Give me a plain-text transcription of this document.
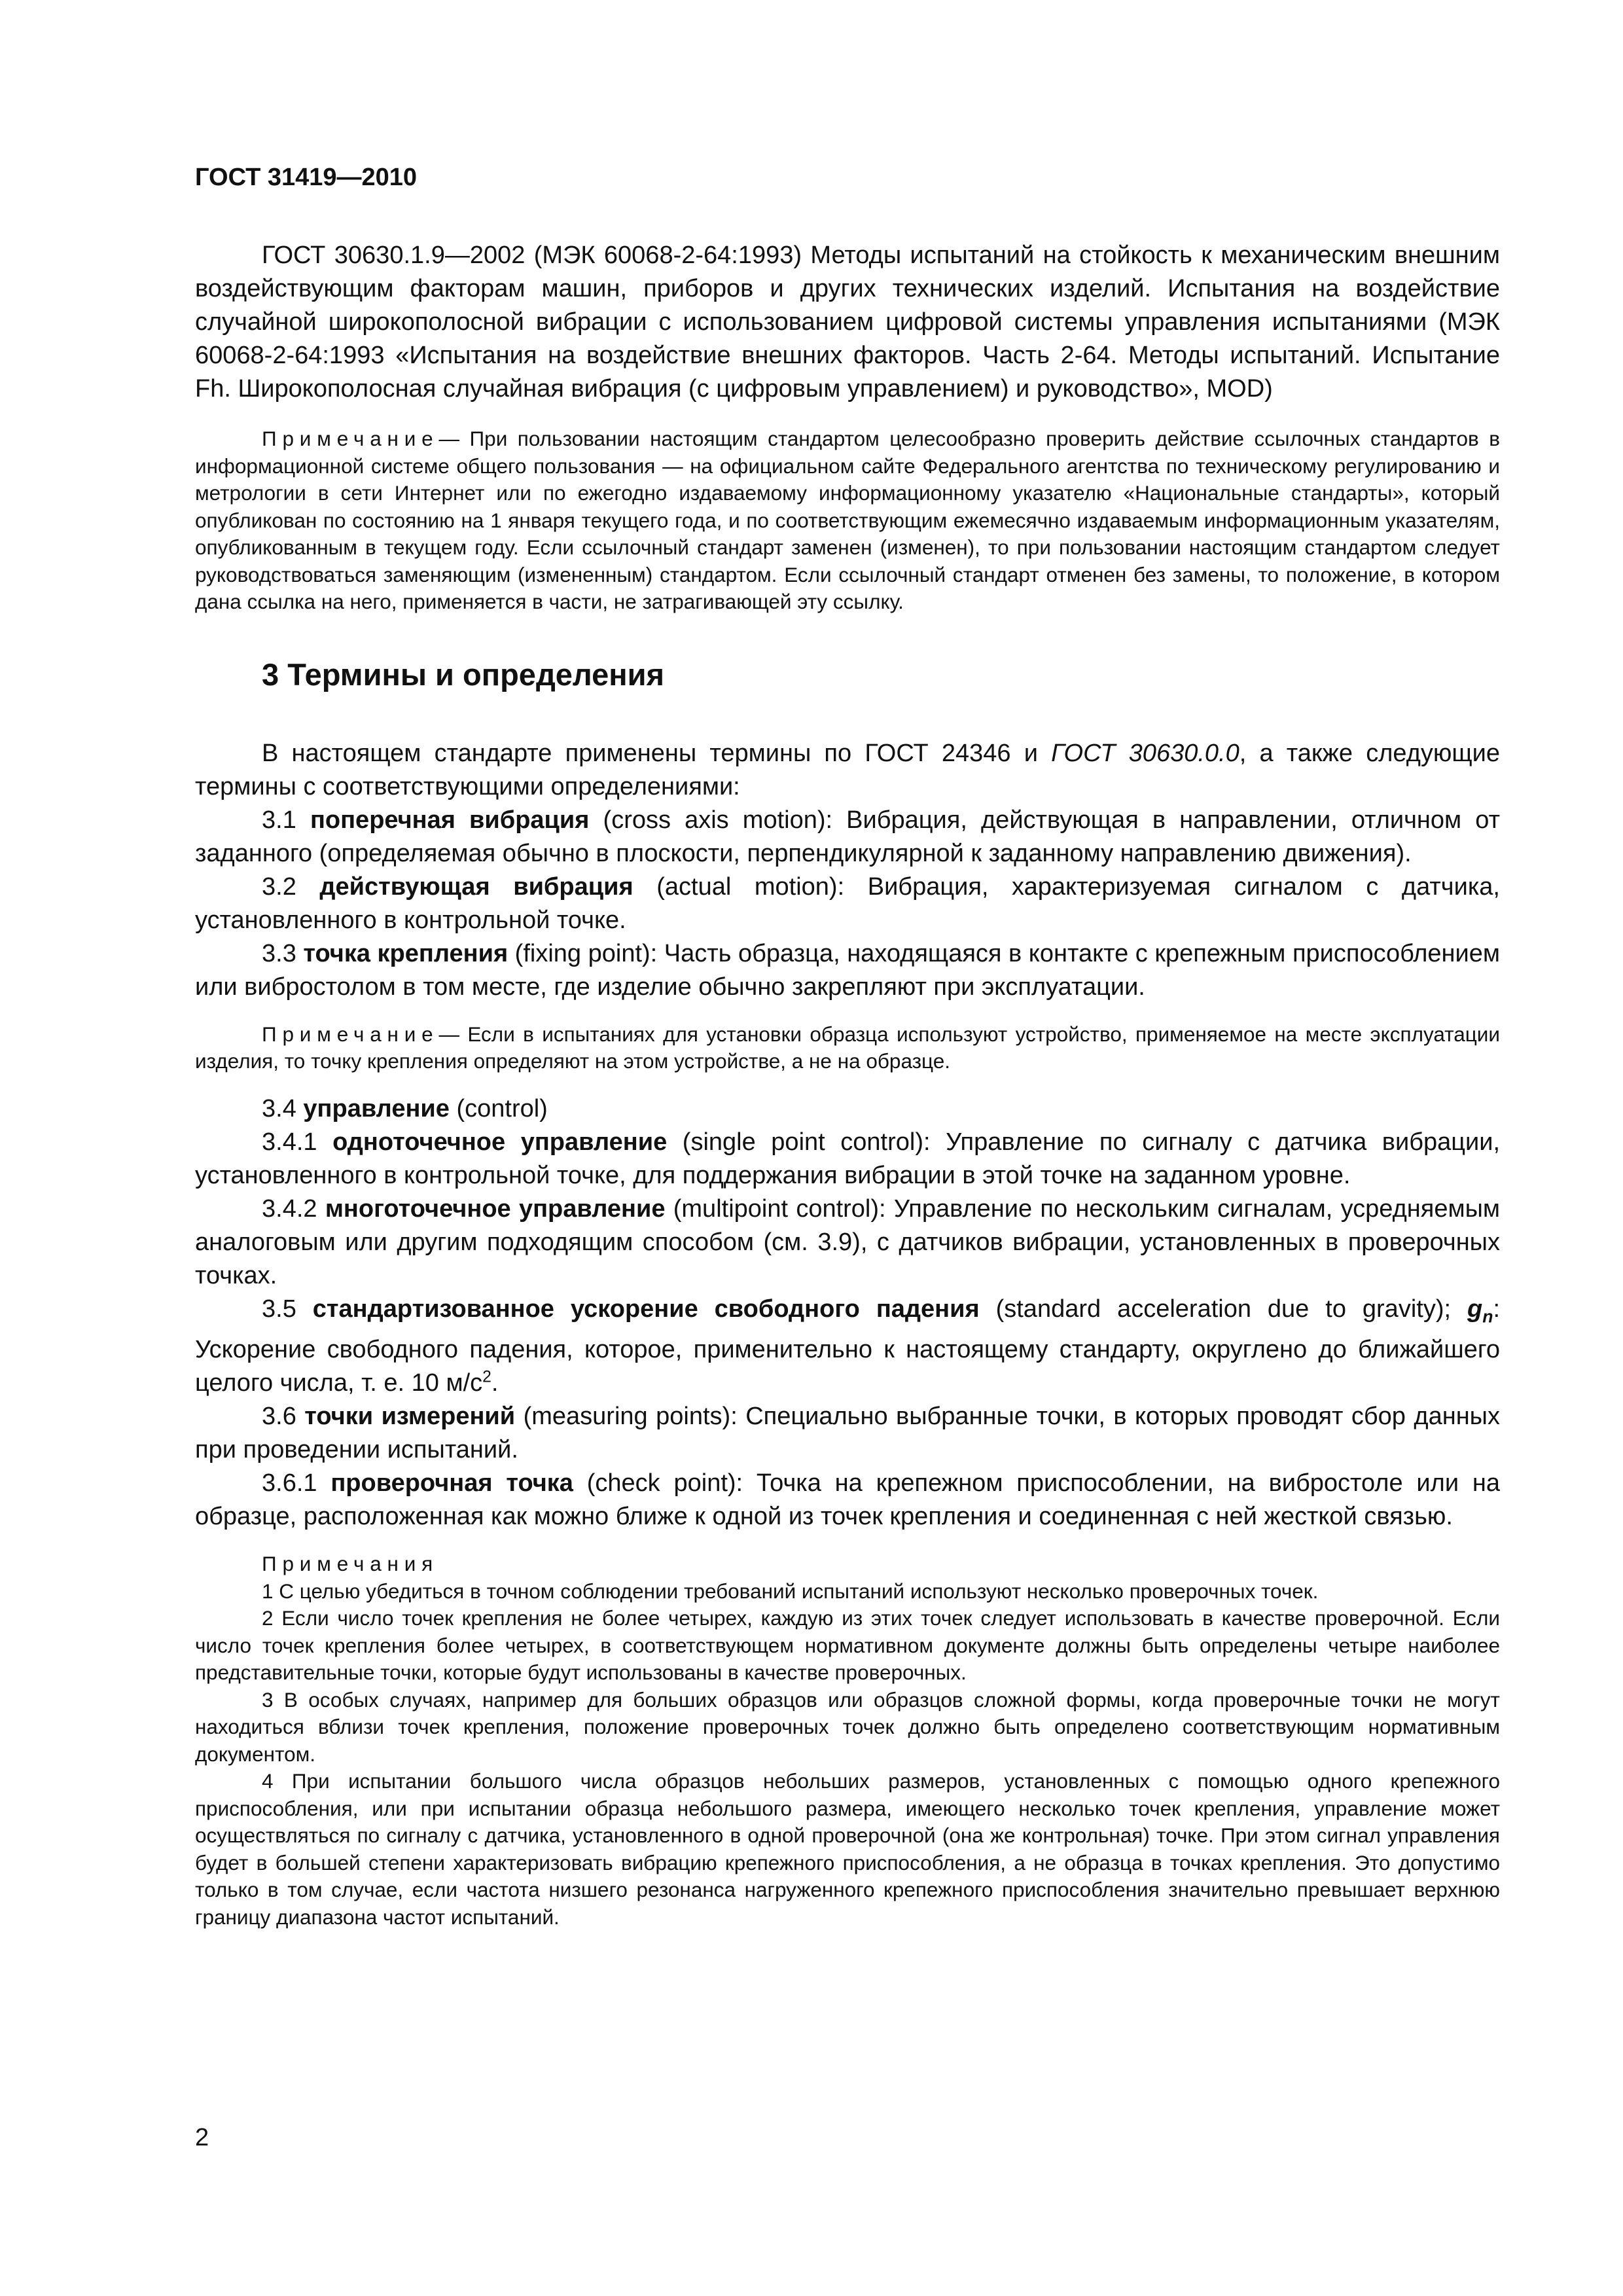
ГОСТ 31419—2010

ГОСТ 30630.1.9—2002 (МЭК 60068-2-64:1993) Методы испытаний на стойкость к механическим внешним воздействующим факторам машин, приборов и других технических изделий. Испытания на воздействие случайной широкополосной вибрации с использованием цифровой системы управления испытаниями (МЭК 60068-2-64:1993 «Испытания на воздействие внешних факторов. Часть 2-64. Методы испытаний. Испытание Fh. Широкополосная случайная вибрация (с цифровым управлением) и руководство», MOD)

Примечание— При пользовании настоящим стандартом целесообразно проверить действие ссылочных стандартов в информационной системе общего пользования — на официальном сайте Федерального агентства по техническому регулированию и метрологии в сети Интернет или по ежегодно издаваемому информационному указателю «Национальные стандарты», который опубликован по состоянию на 1 января текущего года, и по соответствующим ежемесячно издаваемым информационным указателям, опубликованным в текущем году. Если ссылочный стандарт заменен (изменен), то при пользовании настоящим стандартом следует руководствоваться заменяющим (измененным) стандартом. Если ссылочный стандарт отменен без замены, то положение, в котором дана ссылка на него, применяется в части, не затрагивающей эту ссылку.

3 Термины и определения

В настоящем стандарте применены термины по ГОСТ 24346 и ГОСТ 30630.0.0, а также следующие термины с соответствующими определениями:

3.1 поперечная вибрация (cross axis motion): Вибрация, действующая в направлении, отличном от заданного (определяемая обычно в плоскости, перпендикулярной к заданному направлению движения).

3.2 действующая вибрация (actual motion): Вибрация, характеризуемая сигналом с датчика, установленного в контрольной точке.

3.3 точка крепления (fixing point): Часть образца, находящаяся в контакте с крепежным приспособлением или вибростолом в том месте, где изделие обычно закрепляют при эксплуатации.

Примечание— Если в испытаниях для установки образца используют устройство, применяемое на месте эксплуатации изделия, то точку крепления определяют на этом устройстве, а не на образце.

3.4 управление (control)

3.4.1 одноточечное управление (single point control): Управление по сигналу с датчика вибрации, установленного в контрольной точке, для поддержания вибрации в этой точке на заданном уровне.

3.4.2 многоточечное управление (multipoint control): Управление по нескольким сигналам, усредняемым аналоговым или другим подходящим способом (см. 3.9), с датчиков вибрации, установленных в проверочных точках.

3.5 стандартизованное ускорение свободного падения (standard acceleration due to gravity); $g_n$: Ускорение свободного падения, которое, применительно к настоящему стандарту, округлено до ближайшего целого числа, т. е. 10 $м/с^2$.

3.6 точки измерений (measuring points): Специально выбранные точки, в которых проводят сбор данных при проведении испытаний.

3.6.1 проверочная точка (check point): Точка на крепежном приспособлении, на вибростоле или на образце, расположенная как можно ближе к одной из точек крепления и соединенная с ней жесткой связью.

Примечания

1 С целью убедиться в точном соблюдении требований испытаний используют несколько проверочных точек.

2 Если число точек крепления не более четырех, каждую из этих точек следует использовать в качестве проверочной. Если число точек крепления более четырех, в соответствующем нормативном документе должны быть определены четыре наиболее представительные точки, которые будут использованы в качестве проверочных.

3 В особых случаях, например для больших образцов или образцов сложной формы, когда проверочные точки не могут находиться вблизи точек крепления, положение проверочных точек должно быть определено соответствующим нормативным документом.

4 При испытании большого числа образцов небольших размеров, установленных с помощью одного крепежного приспособления, или при испытании образца небольшого размера, имеющего несколько точек крепления, управление может осуществляться по сигналу с датчика, установленного в одной проверочной (она же контрольная) точке. При этом сигнал управления будет в большей степени характеризовать вибрацию крепежного приспособления, а не образца в точках крепления. Это допустимо только в том случае, если частота низшего резонанса нагруженного крепежного приспособления значительно превышает верхнюю границу диапазона частот испытаний.

2
